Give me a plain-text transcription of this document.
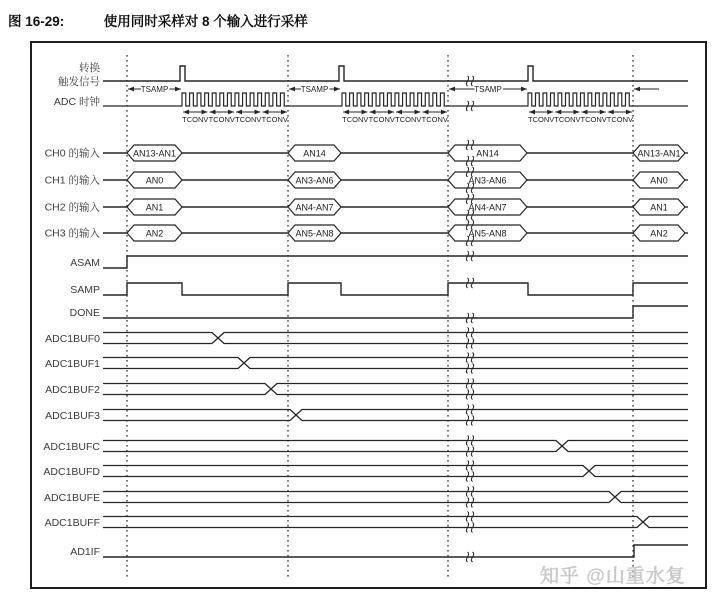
TSAMP	TSAMP	TSAMP
TCONV TCONV TCONV TCONV	TCONV TCONV TCONV TCONV	TCONV TCONV TCONV TCONV
AN13-AN1	AN14	AN14	AN13-AN1
CH0 的输入
AN0	AN3-AN6	AN3-AN6	AN0
CH1 的输入
AN1	AN4-AN7	AN4-AN7	AN1
CH2 的输入
AN2	AN5-AN8	AN5-AN8	AN2
CH3 的输入
ASAM
SAMP
DONE
AD1IF
ADC1BUF0
ADC1BUF1
ADC1BUF2
ADC1BUF3
ADC1BUFC
ADC1BUFD
ADC1BUFE
ADC1BUFF
转换
触发信号
ADC 时钟
图 16-29:	使用同时采样对 8 个输入进行采样
知乎 @山重水复
